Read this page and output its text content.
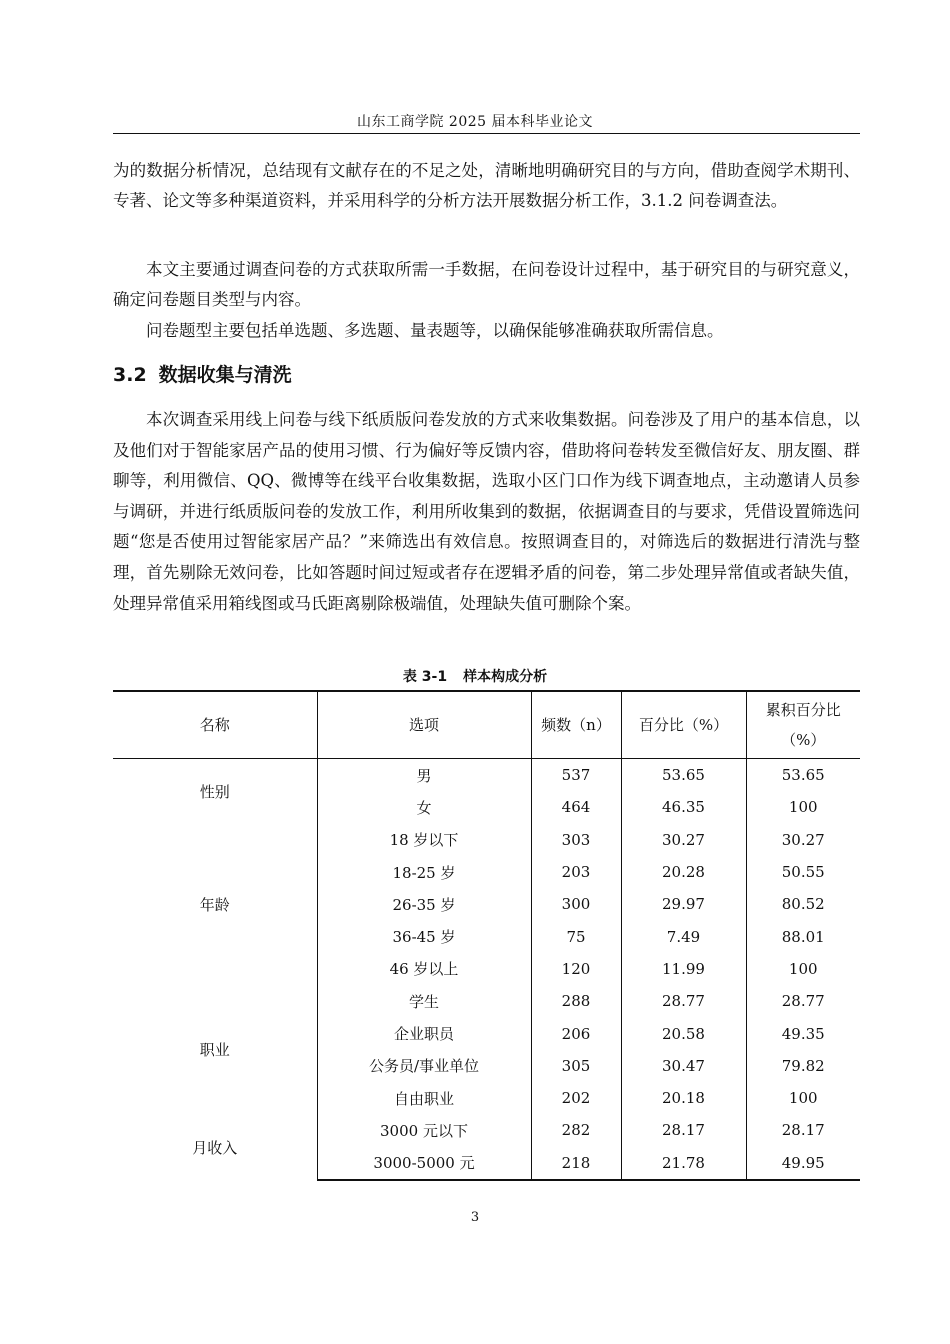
山东工商学院 2025 届本科毕业论文

为的数据分析情况，总结现有文献存在的不足之处，清晰地明确研究目的与方向，借助查阅学术期刊、专著、论文等多种渠道资料，并采用科学的分析方法开展数据分析工作，3.1.2 问卷调查法。

本文主要通过调查问卷的方式获取所需一手数据，在问卷设计过程中，基于研究目的与研究意义，确定问卷题目类型与内容。

问卷题型主要包括单选题、多选题、量表题等，以确保能够准确获取所需信息。

3.2 数据收集与清洗

本次调查采用线上问卷与线下纸质版问卷发放的方式来收集数据。问卷涉及了用户的基本信息，以及他们对于智能家居产品的使用习惯、行为偏好等反馈内容，借助将问卷转发至微信好友、朋友圈、群聊等，利用微信、QQ、微博等在线平台收集数据，选取小区门口作为线下调查地点，主动邀请人员参与调研，并进行纸质版问卷的发放工作，利用所收集到的数据，依据调查目的与要求，凭借设置筛选问题“您是否使用过智能家居产品？”来筛选出有效信息。按照调查目的，对筛选后的数据进行清洗与整理，首先剔除无效问卷，比如答题时间过短或者存在逻辑矛盾的问卷，第二步处理异常值或者缺失值，处理异常值采用箱线图或马氏距离剔除极端值，处理缺失值可删除个案。

表 3-1 样本构成分析
名称	选项	频数（n）	百分比（%）	累积百分比
（%）
性别	男	537	53.65	53.65
	女	464	46.35	100
年龄	18 岁以下	303	30.27	30.27
	18-25 岁	203	20.28	50.55
	26-35 岁	300	29.97	80.52
	36-45 岁	75	7.49	88.01
	46 岁以上	120	11.99	100
职业	学生	288	28.77	28.77
	企业职员	206	20.58	49.35
	公务员/事业单位	305	30.47	79.82
	自由职业	202	20.18	100
月收入	3000 元以下	282	28.17	28.17
	3000-5000 元	218	21.78	49.95
3
